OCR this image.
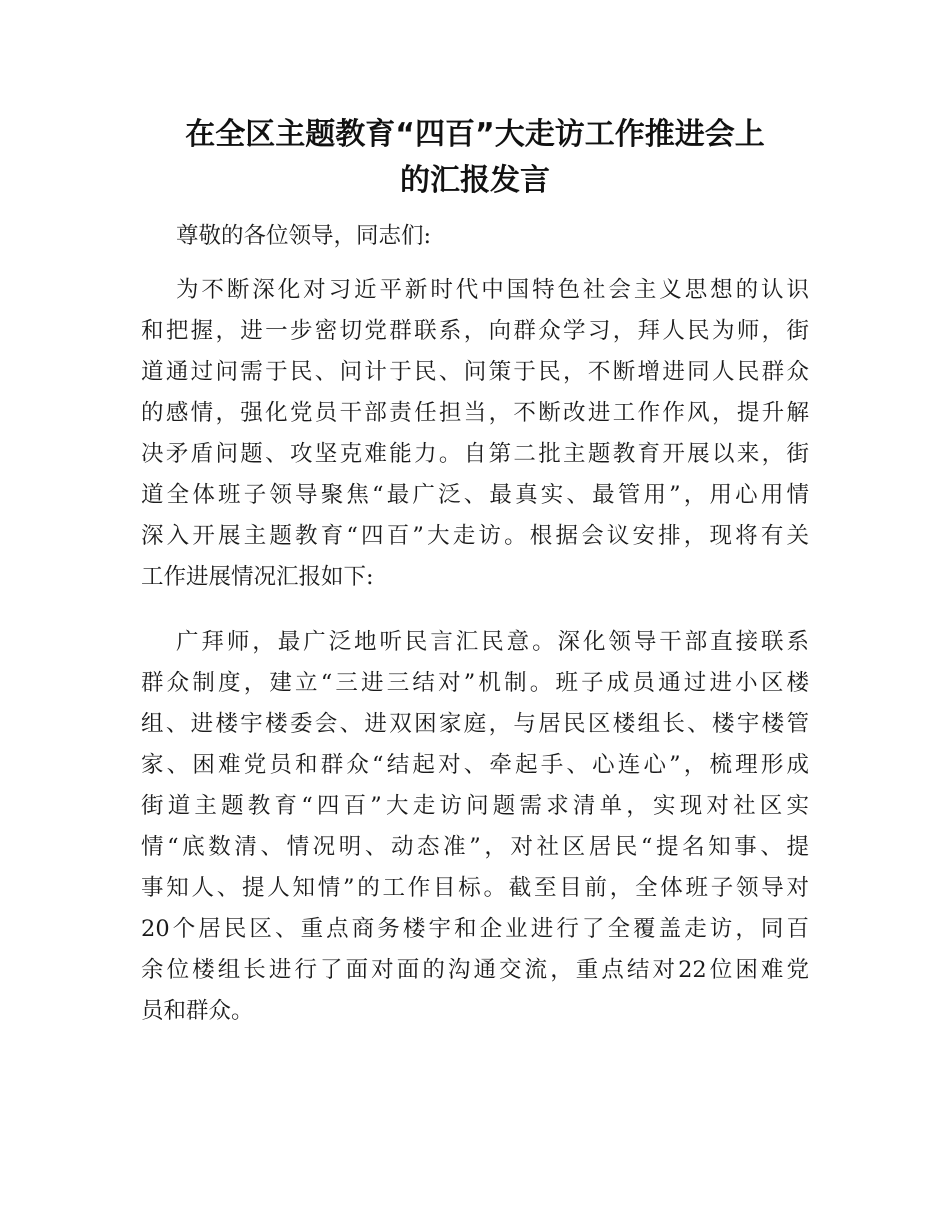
在全区主题教育“四百”大走访工作推进会上
的汇报发言

尊敬的各位领导，同志们:

为不断深化对习近平新时代中国特色社会主义思想的认识

和把握，进一步密切党群联系，向群众学习，拜人民为师，街

道通过问需于民、问计于民、问策于民，不断增进同人民群众

的感情，强化党员干部责任担当，不断改进工作作风，提升解

决矛盾问题、攻坚克难能力。自第二批主题教育开展以来，街

道全体班子领导聚焦“最广泛、最真实、最管用”，用心用情

深入开展主题教育“四百”大走访。根据会议安排，现将有关

工作进展情况汇报如下:

广拜师，最广泛地听民言汇民意。深化领导干部直接联系

群众制度，建立“三进三结对”机制。班子成员通过进小区楼

组、进楼宇楼委会、进双困家庭，与居民区楼组长、楼宇楼管

家、困难党员和群众“结起对、牵起手、心连心”，梳理形成

街道主题教育“四百”大走访问题需求清单，实现对社区实

情“底数清、情况明、动态准”，对社区居民“提名知事、提

事知人、提人知情”的工作目标。截至目前，全体班子领导对

20个居民区、重点商务楼宇和企业进行了全覆盖走访，同百

余位楼组长进行了面对面的沟通交流，重点结对22位困难党

员和群众。
